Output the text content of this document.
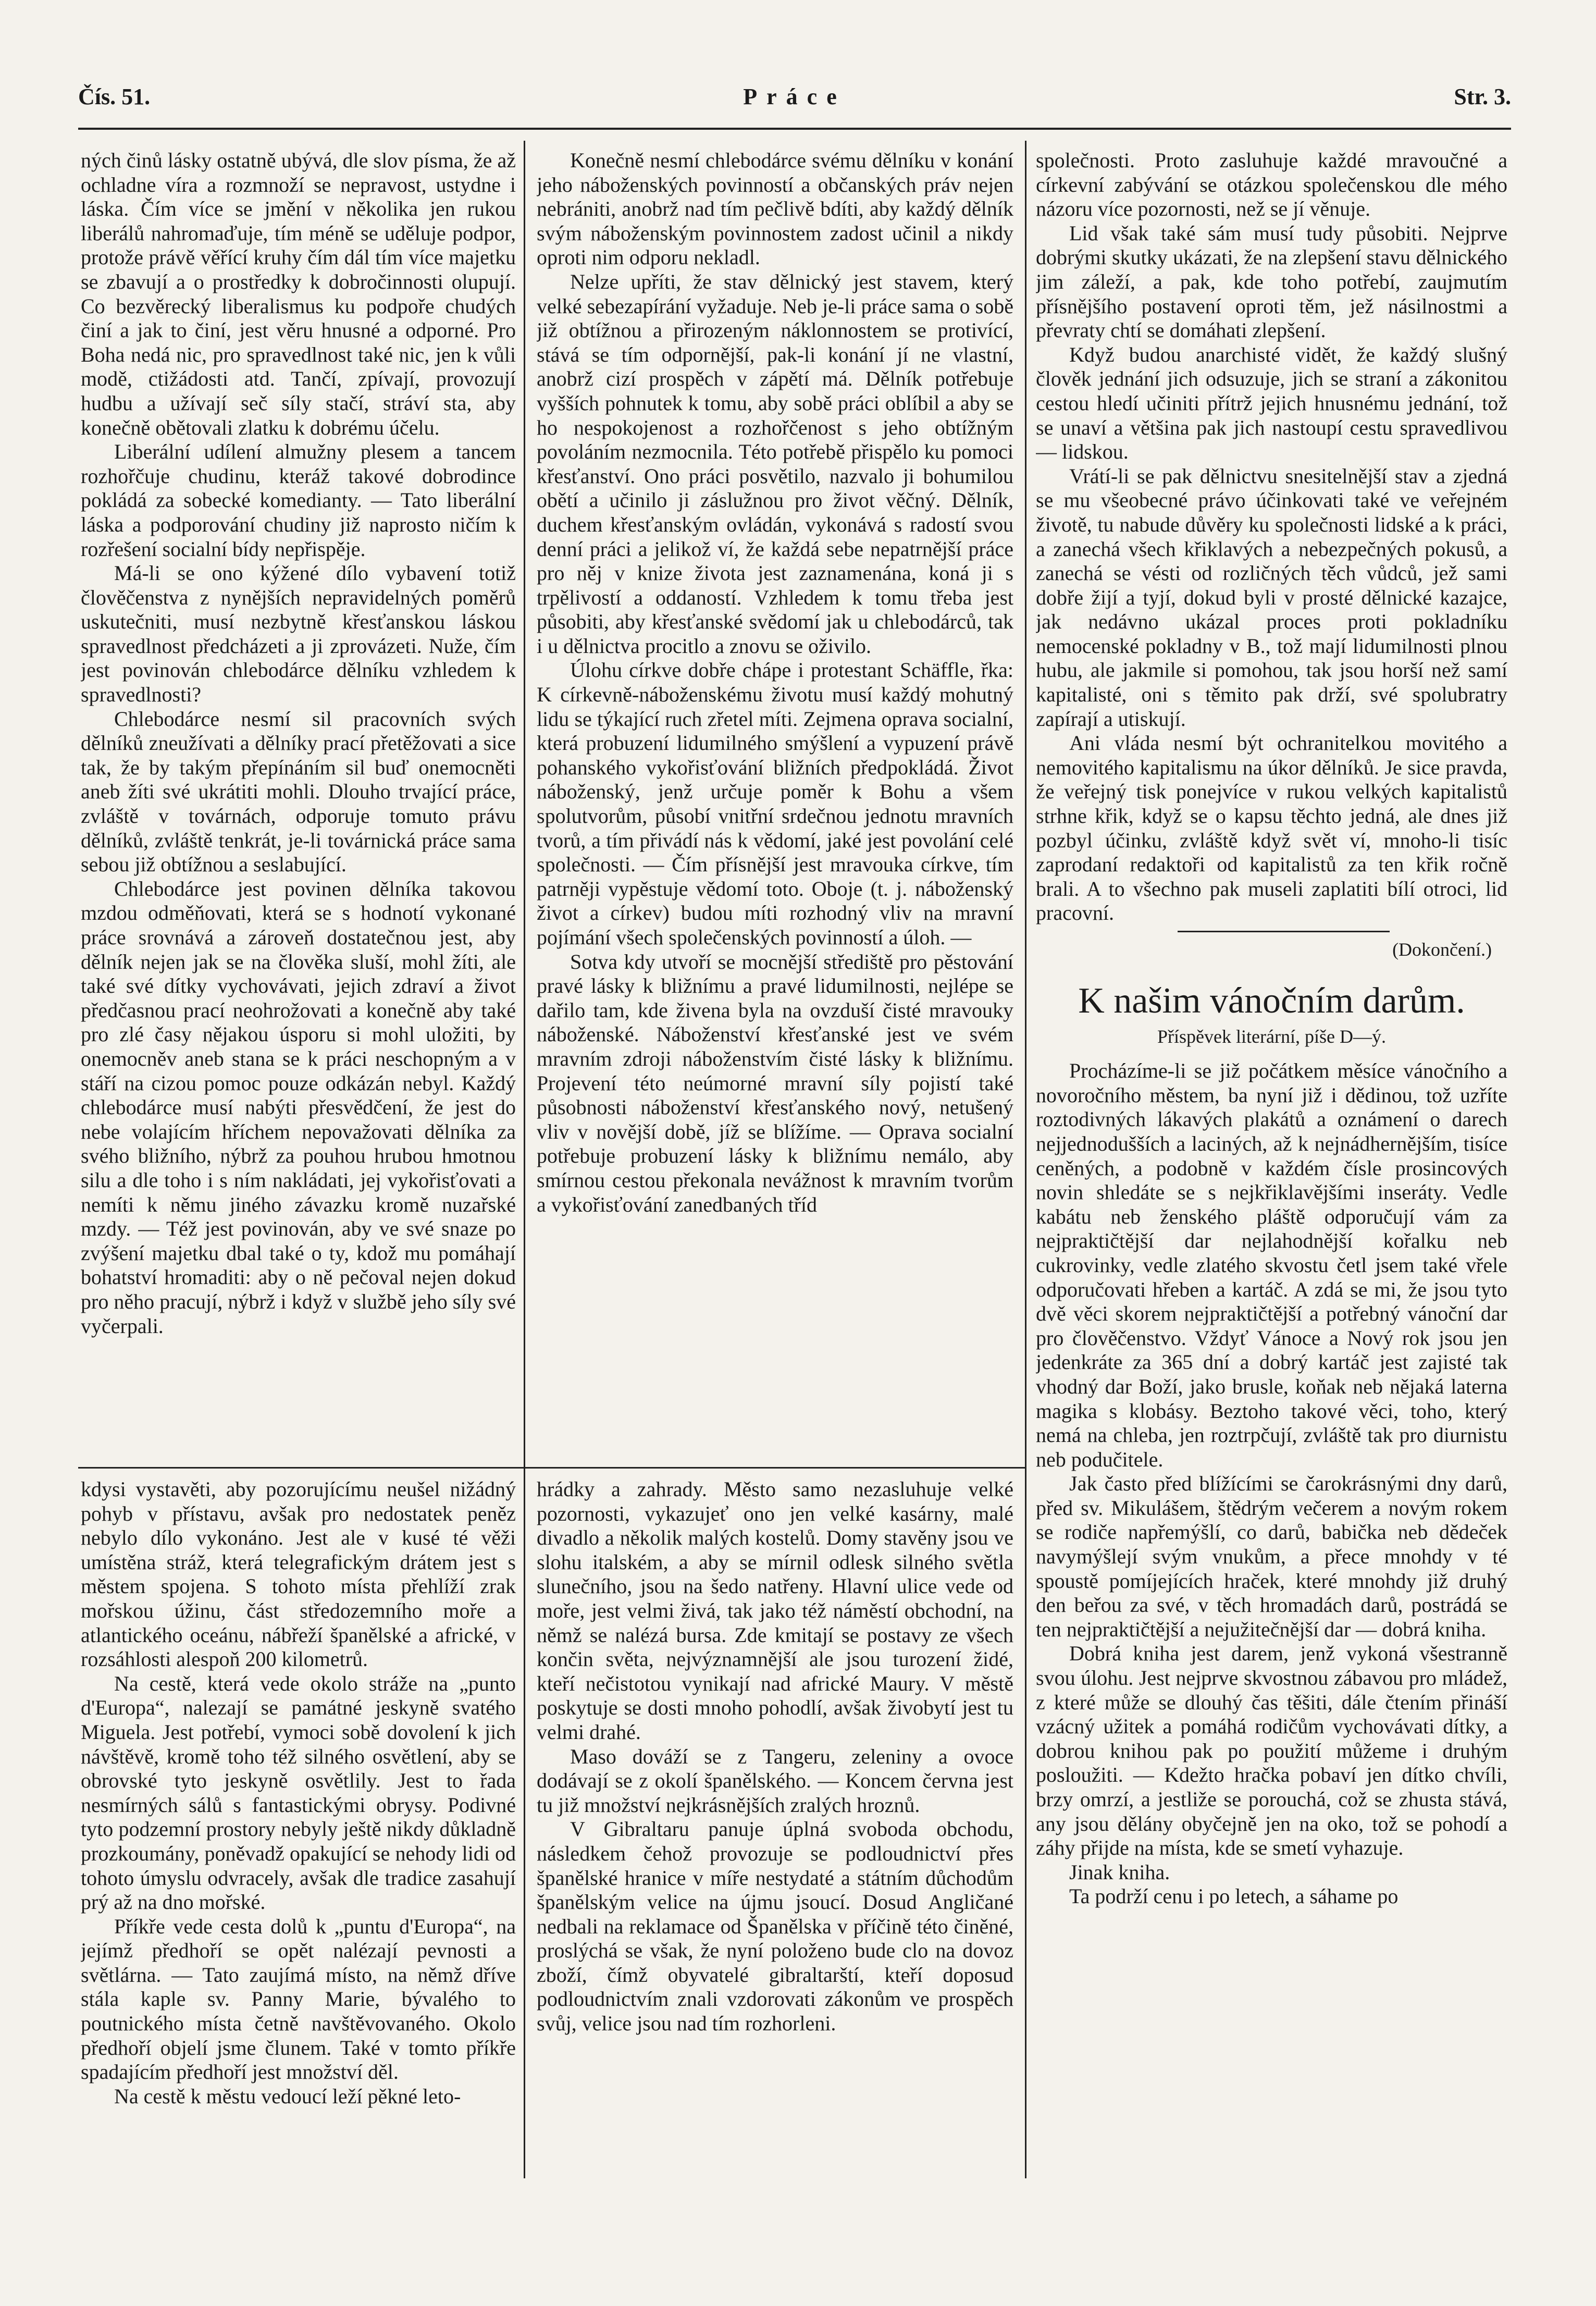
Čís. 51.	Práce	Str. 3.

ných činů lásky ostatně ubývá, dle slov písma, že až ochladne víra a rozmnoží se nepravost, ustydne i láska. Čím více se jmění v několika jen rukou liberálů nahromaďuje, tím méně se uděluje podpor, protože právě věřící kruhy čím dál tím více majetku se zbavují a o prostředky k dobročinnosti olupují. Co bezvěrecký liberalismus ku podpoře chudých činí a jak to činí, jest věru hnusné a odporné. Pro Boha nedá nic, pro spravedlnost také nic, jen k vůli modě, ctižádosti atd. Tančí, zpívají, provozují hudbu a užívají seč síly stačí, stráví sta, aby konečně obětovali zlatku k dobrému účelu.

Liberální udílení almužny plesem a tancem rozhořčuje chudinu, kteráž takové dobrodince pokládá za sobecké komedianty. — Tato liberální láska a podporování chudiny již naprosto ničím k rozřešení socialní bídy nepřispěje.

Má-li se ono kýžené dílo vybavení totiž člověčenstva z nynějších nepravidelných poměrů uskutečniti, musí nezbytně křesťanskou láskou spravedlnost předcházeti a ji zprovázeti. Nuže, čím jest povinován chlebodárce dělníku vzhledem k spravedlnosti?

Chlebodárce nesmí sil pracovních svých dělníků zneužívati a dělníky prací přetěžovati a sice tak, že by takým přepínáním sil buď onemocněti aneb žíti své ukrátiti mohli. Dlouho trvající práce, zvláště v továrnách, odporuje tomuto právu dělníků, zvláště tenkrát, je-li továrnická práce sama sebou již obtížnou a seslabující.

Chlebodárce jest povinen dělníka takovou mzdou odměňovati, která se s hodnotí vykonané práce srovnává a zároveň dostatečnou jest, aby dělník nejen jak se na člověka sluší, mohl žíti, ale také své dítky vychovávati, jejich zdraví a život předčasnou prací neohrožovati a konečně aby také pro zlé časy nějakou úsporu si mohl uložiti, by onemocněv aneb stana se k práci neschopným a v stáří na cizou pomoc pouze odkázán nebyl. Každý chlebodárce musí nabýti přesvědčení, že jest do nebe volajícím hříchem nepovažovati dělníka za svého bližního, nýbrž za pouhou hrubou hmotnou silu a dle toho i s ním nakládati, jej vykořisťovati a nemíti k němu jiného závazku kromě nuzařské mzdy. — Též jest povinován, aby ve své snaze po zvýšení majetku dbal také o ty, kdož mu pomáhají bohatství hromaditi: aby o ně pečoval nejen dokud pro něho pracují, nýbrž i když v službě jeho síly své vyčerpali.

Konečně nesmí chlebodárce svému dělníku v konání jeho náboženských povinností a občanských práv nejen nebrániti, anobrž nad tím pečlivě bdíti, aby každý dělník svým náboženským povinnostem zadost učinil a nikdy oproti nim odporu nekladl.

Nelze upříti, že stav dělnický jest stavem, který velké sebezapírání vyžaduje. Neb je-li práce sama o sobě již obtížnou a přirozeným náklonnostem se protivící, stává se tím odpornější, pak-li konání jí ne vlastní, anobrž cizí prospěch v zápětí má. Dělník potřebuje vyšších pohnutek k tomu, aby sobě práci oblíbil a aby se ho nespokojenost a rozhořčenost s jeho obtížným povoláním nezmocnila. Této potřebě přispělo ku pomoci křesťanství. Ono práci posvětilo, nazvalo ji bohumilou obětí a učinilo ji záslužnou pro život věčný. Dělník, duchem křesťanským ovládán, vykonává s radostí svou denní práci a jelikož ví, že každá sebe nepatrnější práce pro něj v knize života jest zaznamenána, koná ji s trpělivostí a oddaností. Vzhledem k tomu třeba jest působiti, aby křesťanské svědomí jak u chlebodárců, tak i u dělnictva procitlo a znovu se oživilo.

Úlohu církve dobře chápe i protestant Schäffle, řka: K církevně-náboženskému životu musí každý mohutný lidu se týkající ruch zřetel míti. Zejmena oprava socialní, která probuzení lidumilného smýšlení a vypuzení právě pohanského vykořisťování bližních předpokládá. Život náboženský, jenž určuje poměr k Bohu a všem spolutvorům, působí vnitřní srdečnou jednotu mravních tvorů, a tím přivádí nás k vědomí, jaké jest povolání celé společnosti. — Čím přísnější jest mravouka církve, tím patrněji vypěstuje vědomí toto. Oboje (t. j. náboženský život a církev) budou míti rozhodný vliv na mravní pojímání všech společenských povinností a úloh. —

Sotva kdy utvoří se mocnější střediště pro pěstování pravé lásky k bližnímu a pravé lidumilnosti, nejlépe se dařilo tam, kde živena byla na ovzduší čisté mravouky náboženské. Náboženství křesťanské jest ve svém mravním zdroji náboženstvím čisté lásky k bližnímu. Projevení této neúmorné mravní síly pojistí také působnosti náboženství křesťanského nový, netušený vliv v novější době, jíž se blížíme. — Oprava socialní potřebuje probuzení lásky k bližnímu nemálo, aby smírnou cestou překonala nevážnost k mravním tvorům a vykořisťování zanedbaných tříd

kdysi vystavěti, aby pozorujícímu neušel nižádný pohyb v přístavu, avšak pro nedostatek peněz nebylo dílo vykonáno. Jest ale v kusé té věži umístěna stráž, která telegrafickým drátem jest s městem spojena. S tohoto místa přehlíží zrak mořskou úžinu, část středozemního moře a atlantického oceánu, nábřeží španělské a africké, v rozsáhlosti alespoň 200 kilometrů.

Na cestě, která vede okolo stráže na „punto d'Europa“, nalezají se památné jeskyně svatého Miguela. Jest potřebí, vymoci sobě dovolení k jich návštěvě, kromě toho též silného osvětlení, aby se obrovské tyto jeskyně osvětlily. Jest to řada nesmírných sálů s fantastickými obrysy. Podivné tyto podzemní prostory nebyly ještě nikdy důkladně prozkoumány, poněvadž opakující se nehody lidi od tohoto úmyslu odvracely, avšak dle tradice zasahují prý až na dno mořské.

Příkře vede cesta dolů k „puntu d'Europa“, na jejímž předhoří se opět nalézají pevnosti a světlárna. — Tato zaujímá místo, na němž dříve stála kaple sv. Panny Marie, bývalého to poutnického místa četně navštěvovaného. Okolo předhoří objelí jsme člunem. Také v tomto příkře spadajícím předhoří jest množství děl.

Na cestě k městu vedoucí leží pěkné leto-

hrádky a zahrady. Město samo nezasluhuje velké pozornosti, vykazujeť ono jen velké kasárny, malé divadlo a několik malých kostelů. Domy stavěny jsou ve slohu italském, a aby se mírnil odlesk silného světla slunečního, jsou na šedo natřeny. Hlavní ulice vede od moře, jest velmi živá, tak jako též náměstí obchodní, na němž se nalézá bursa. Zde kmitají se postavy ze všech končin světa, nejvýznamnější ale jsou turození židé, kteří nečistotou vynikají nad africké Maury. V městě poskytuje se dosti mnoho pohodlí, avšak živobytí jest tu velmi drahé.

Maso dováží se z Tangeru, zeleniny a ovoce dodávají se z okolí španělského. — Koncem června jest tu již množství nejkrásnějších zralých hroznů.

V Gibraltaru panuje úplná svoboda obchodu, následkem čehož provozuje se podloudnictví přes španělské hranice v míře nestydaté a státním důchodům španělským velice na újmu jsoucí. Dosud Angličané nedbali na reklamace od Španělska v příčině této činěné, proslýchá se však, že nyní položeno bude clo na dovoz zboží, čímž obyvatelé gibraltarští, kteří doposud podloudnictvím znali vzdorovati zákonům ve prospěch svůj, velice jsou nad tím rozhorleni.

společnosti. Proto zasluhuje každé mravoučné a církevní zabývání se otázkou společenskou dle mého názoru více pozornosti, než se jí věnuje.

Lid však také sám musí tudy působiti. Nejprve dobrými skutky ukázati, že na zlepšení stavu dělnického jim záleží, a pak, kde toho potřebí, zaujmutím přísnějšího postavení oproti těm, jež násilnostmi a převraty chtí se domáhati zlepšení.

Když budou anarchisté vidět, že každý slušný člověk jednání jich odsuzuje, jich se straní a zákonitou cestou hledí učiniti přítrž jejich hnusnému jednání, tož se unaví a většina pak jich nastoupí cestu spravedlivou — lidskou.

Vrátí-li se pak dělnictvu snesitelnější stav a zjedná se mu všeobecné právo účinkovati také ve veřejném životě, tu nabude důvěry ku společnosti lidské a k práci, a zanechá všech křiklavých a nebezpečných pokusů, a zanechá se vésti od rozličných těch vůdců, jež sami dobře žijí a tyjí, dokud byli v prosté dělnické kazajce, jak nedávno ukázal proces proti pokladníku nemocenské pokladny v B., tož mají lidumilnosti plnou hubu, ale jakmile si pomohou, tak jsou horší než samí kapitalisté, oni s těmito pak drží, své spolubratry zapírají a utiskují.

Ani vláda nesmí být ochranitelkou movitého a nemovitého kapitalismu na úkor dělníků. Je sice pravda, že veřejný tisk ponejvíce v rukou velkých kapitalistů strhne křik, když se o kapsu těchto jedná, ale dnes již pozbyl účinku, zvláště když svět ví, mnoho-li tisíc zaprodaní redaktoři od kapitalistů za ten křik ročně brali. A to všechno pak museli zaplatiti bílí otroci, lid pracovní.

(Dokončení.)
K našim vánočním darům.
Příspěvek literární, píše D—ý.

Procházíme-li se již počátkem měsíce vánočního a novoročního městem, ba nyní již i dědinou, tož uzříte roztodivných lákavých plakátů a oznámení o darech nejjednodušších a laciných, až k nejnádhernějším, tisíce ceněných, a podobně v každém čísle prosincových novin shledáte se s nejkřiklavějšími inseráty. Vedle kabátu neb ženského pláště odporučují vám za nejpraktičtější dar nejlahodnější kořalku neb cukrovinky, vedle zlatého skvostu četl jsem také vřele odporučovati hřeben a kartáč. A zdá se mi, že jsou tyto dvě věci skorem nejpraktičtější a potřebný vánoční dar pro člověčenstvo. Vždyť Vánoce a Nový rok jsou jen jedenkráte za 365 dní a dobrý kartáč jest zajisté tak vhodný dar Boží, jako brusle, koňak neb nějaká laterna magika s klobásy. Beztoho takové věci, toho, který nemá na chleba, jen roztrpčují, zvláště tak pro diurnistu neb podučitele.

Jak často před blížícími se čarokrásnými dny darů, před sv. Mikulášem, štědrým večerem a novým rokem se rodiče napřemýšlí, co darů, babička neb dědeček navymýšlejí svým vnukům, a přece mnohdy v té spoustě pomíjejících hraček, které mnohdy již druhý den beřou za své, v těch hromadách darů, postrádá se ten nejpraktičtější a nejužitečnější dar — dobrá kniha.

Dobrá kniha jest darem, jenž vykoná všestranně svou úlohu. Jest nejprve skvostnou zábavou pro mládež, z které může se dlouhý čas těšiti, dále čtením přináší vzácný užitek a pomáhá rodičům vychovávati dítky, a dobrou knihou pak po použití můžeme i druhým posloužiti. — Kdežto hračka pobaví jen dítko chvíli, brzy omrzí, a jestliže se porouchá, což se zhusta stává, any jsou dělány obyčejně jen na oko, tož se pohodí a záhy přijde na místa, kde se smetí vyhazuje.

Jinak kniha.

Ta podrží cenu i po letech, a sáhame po
